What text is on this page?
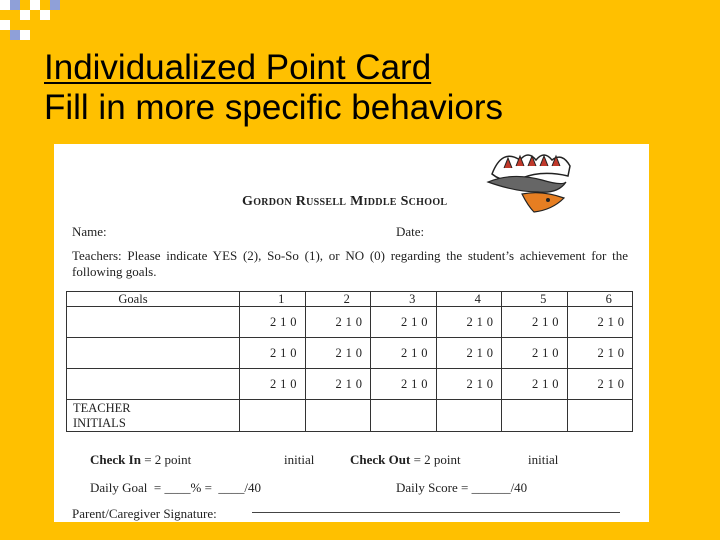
Individualized Point Card
Fill in more specific behaviors
Gordon Russell Middle School
Name:	Date:
Teachers: Please indicate YES (2), So-So (1), or NO (0) regarding the student’s achievement for the following goals.
Goals	1	2	3	4	5	6

	2 1 0	2 1 0	2 1 0	2 1 0	2 1 0	2 1 0

	2 1 0	2 1 0	2 1 0	2 1 0	2 1 0	2 1 0

	2 1 0	2 1 0	2 1 0	2 1 0	2 1 0	2 1 0

TEACHER
INITIALS						

Check In = 2 point	initial	Check Out = 2 point	initial
Daily Goal  = ____% =  ____/40	Daily Score = ______/40
Parent/Caregiver Signature:
